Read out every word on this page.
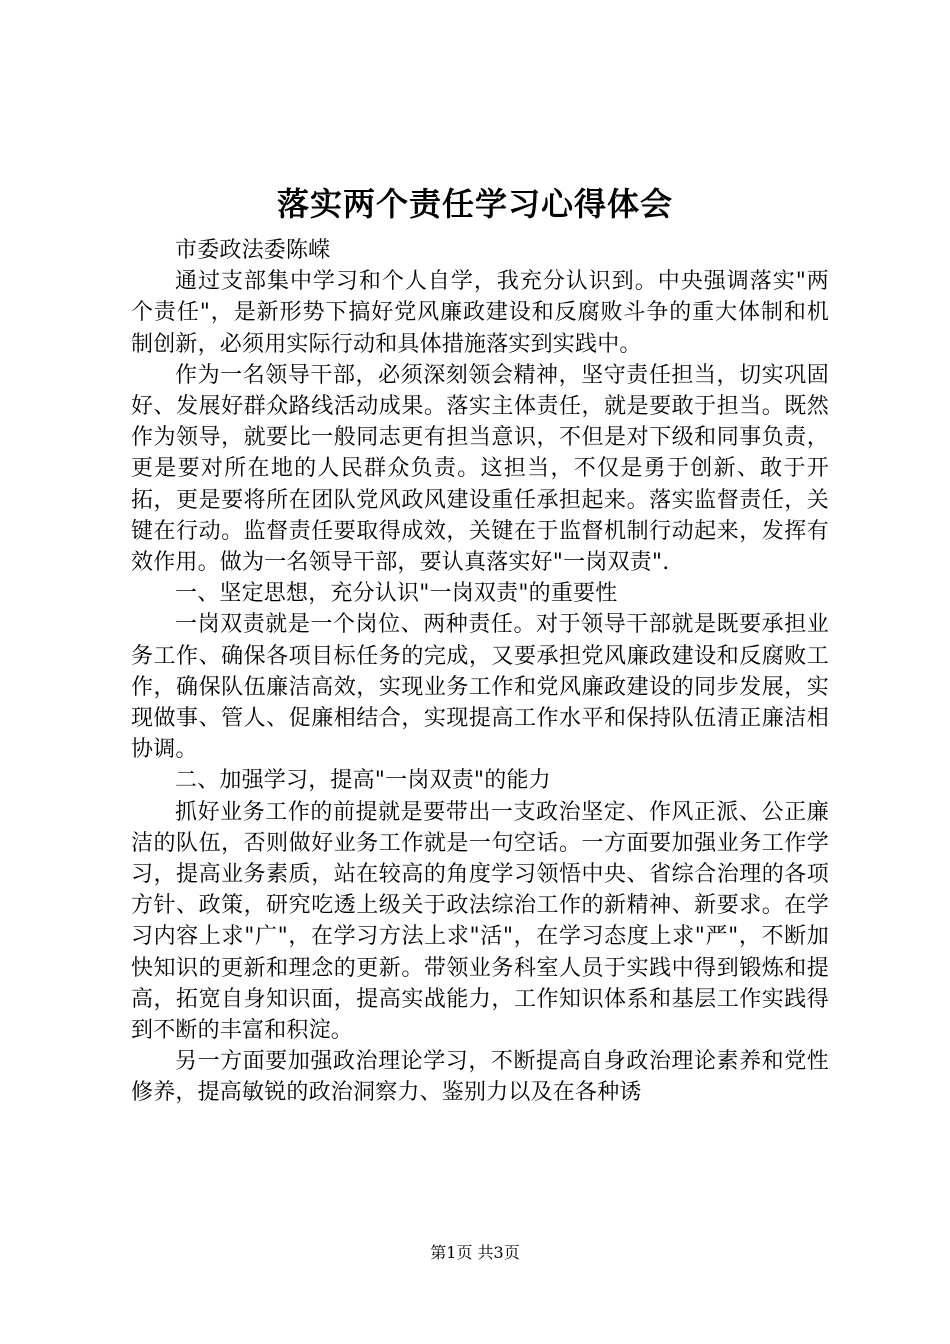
落实两个责任学习心得体会

市委政法委陈嵘

通过支部集中学习和个人自学，我充分认识到。中央强调落实"两个责任"，是新形势下搞好党风廉政建设和反腐败斗争的重大体制和机制创新，必须用实际行动和具体措施落实到实践中。

作为一名领导干部，必须深刻领会精神，坚守责任担当，切实巩固好、发展好群众路线活动成果。落实主体责任，就是要敢于担当。既然作为领导，就要比一般同志更有担当意识，不但是对下级和同事负责，更是要对所在地的人民群众负责。这担当，不仅是勇于创新、敢于开拓，更是要将所在团队党风政风建设重任承担起来。落实监督责任，关键在行动。监督责任要取得成效，关键在于监督机制行动起来，发挥有效作用。做为一名领导干部，要认真落实好"一岗双责".

一、坚定思想，充分认识"一岗双责"的重要性

一岗双责就是一个岗位、两种责任。对于领导干部就是既要承担业务工作、确保各项目标任务的完成，又要承担党风廉政建设和反腐败工作，确保队伍廉洁高效，实现业务工作和党风廉政建设的同步发展，实现做事、管人、促廉相结合，实现提高工作水平和保持队伍清正廉洁相协调。

二、加强学习，提高"一岗双责"的能力

抓好业务工作的前提就是要带出一支政治坚定、作风正派、公正廉洁的队伍，否则做好业务工作就是一句空话。一方面要加强业务工作学习，提高业务素质，站在较高的角度学习领悟中央、省综合治理的各项方针、政策，研究吃透上级关于政法综治工作的新精神、新要求。在学习内容上求"广"，在学习方法上求"活"，在学习态度上求"严"，不断加快知识的更新和理念的更新。带领业务科室人员于实践中得到锻炼和提高，拓宽自身知识面，提高实战能力，工作知识体系和基层工作实践得到不断的丰富和积淀。

另一方面要加强政治理论学习，不断提高自身政治理论素养和党性修养，提高敏锐的政治洞察力、鉴别力以及在各种诱

第1页 共3页
